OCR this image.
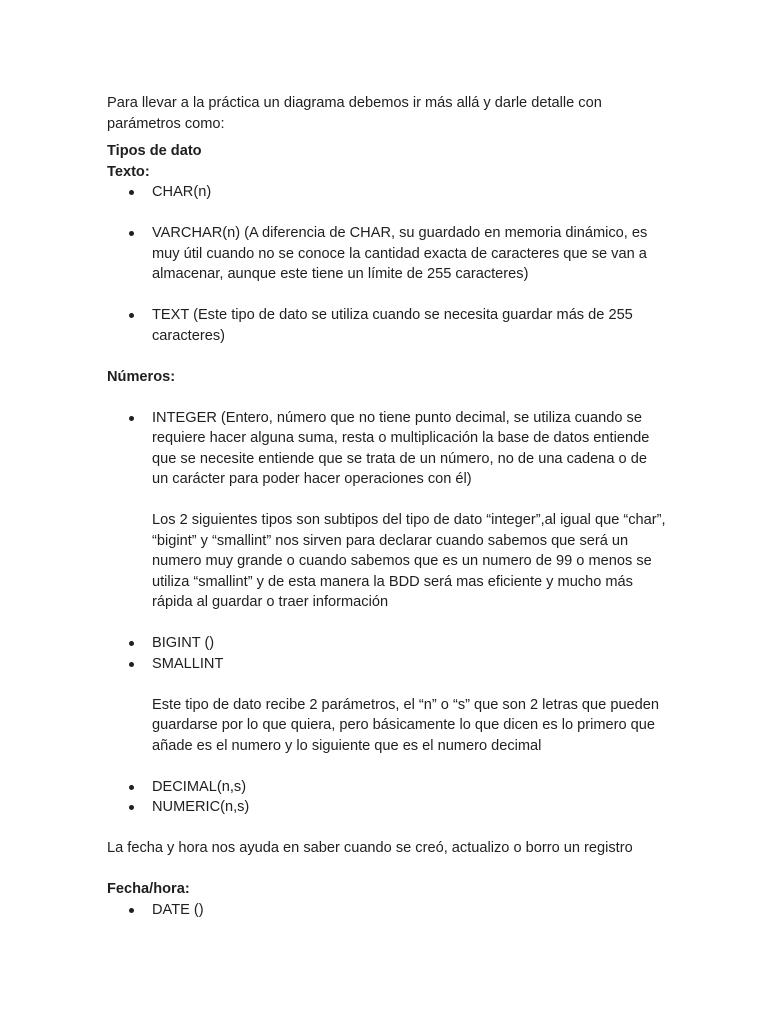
Para llevar a la práctica un diagrama debemos ir más allá y darle detalle con parámetros como:

Tipos de dato

Texto:

CHAR(n)
VARCHAR(n) (A diferencia de CHAR, su guardado en memoria dinámico, es muy útil cuando no se conoce la cantidad exacta de caracteres que se van a almacenar, aunque este tiene un límite de 255 caracteres)
TEXT (Este tipo de dato se utiliza cuando se necesita guardar más de 255 caracteres)

Números:

INTEGER (Entero, número que no tiene punto decimal, se utiliza cuando se requiere hacer alguna suma, resta o multiplicación la base de datos entiende que se necesite entiende que se trata de un número, no de una cadena o de un carácter para poder hacer operaciones con él)

Los 2 siguientes tipos son subtipos del tipo de dato “integer”,al igual que “char”, “bigint” y “smallint” nos sirven para declarar cuando sabemos que será un numero muy grande o cuando sabemos que es un numero de 99 o menos se utiliza “smallint” y de esta manera la BDD será mas eficiente y mucho más rápida al guardar o traer información

BIGINT ()
SMALLINT

Este tipo de dato recibe 2 parámetros, el “n” o “s” que son 2 letras que pueden guardarse por lo que quiera, pero básicamente lo que dicen es lo primero que añade es el numero y lo siguiente que es el numero decimal

DECIMAL(n,s)
NUMERIC(n,s)

La fecha y hora nos ayuda en saber cuando se creó, actualizo o borro un registro

Fecha/hora:

DATE ()
